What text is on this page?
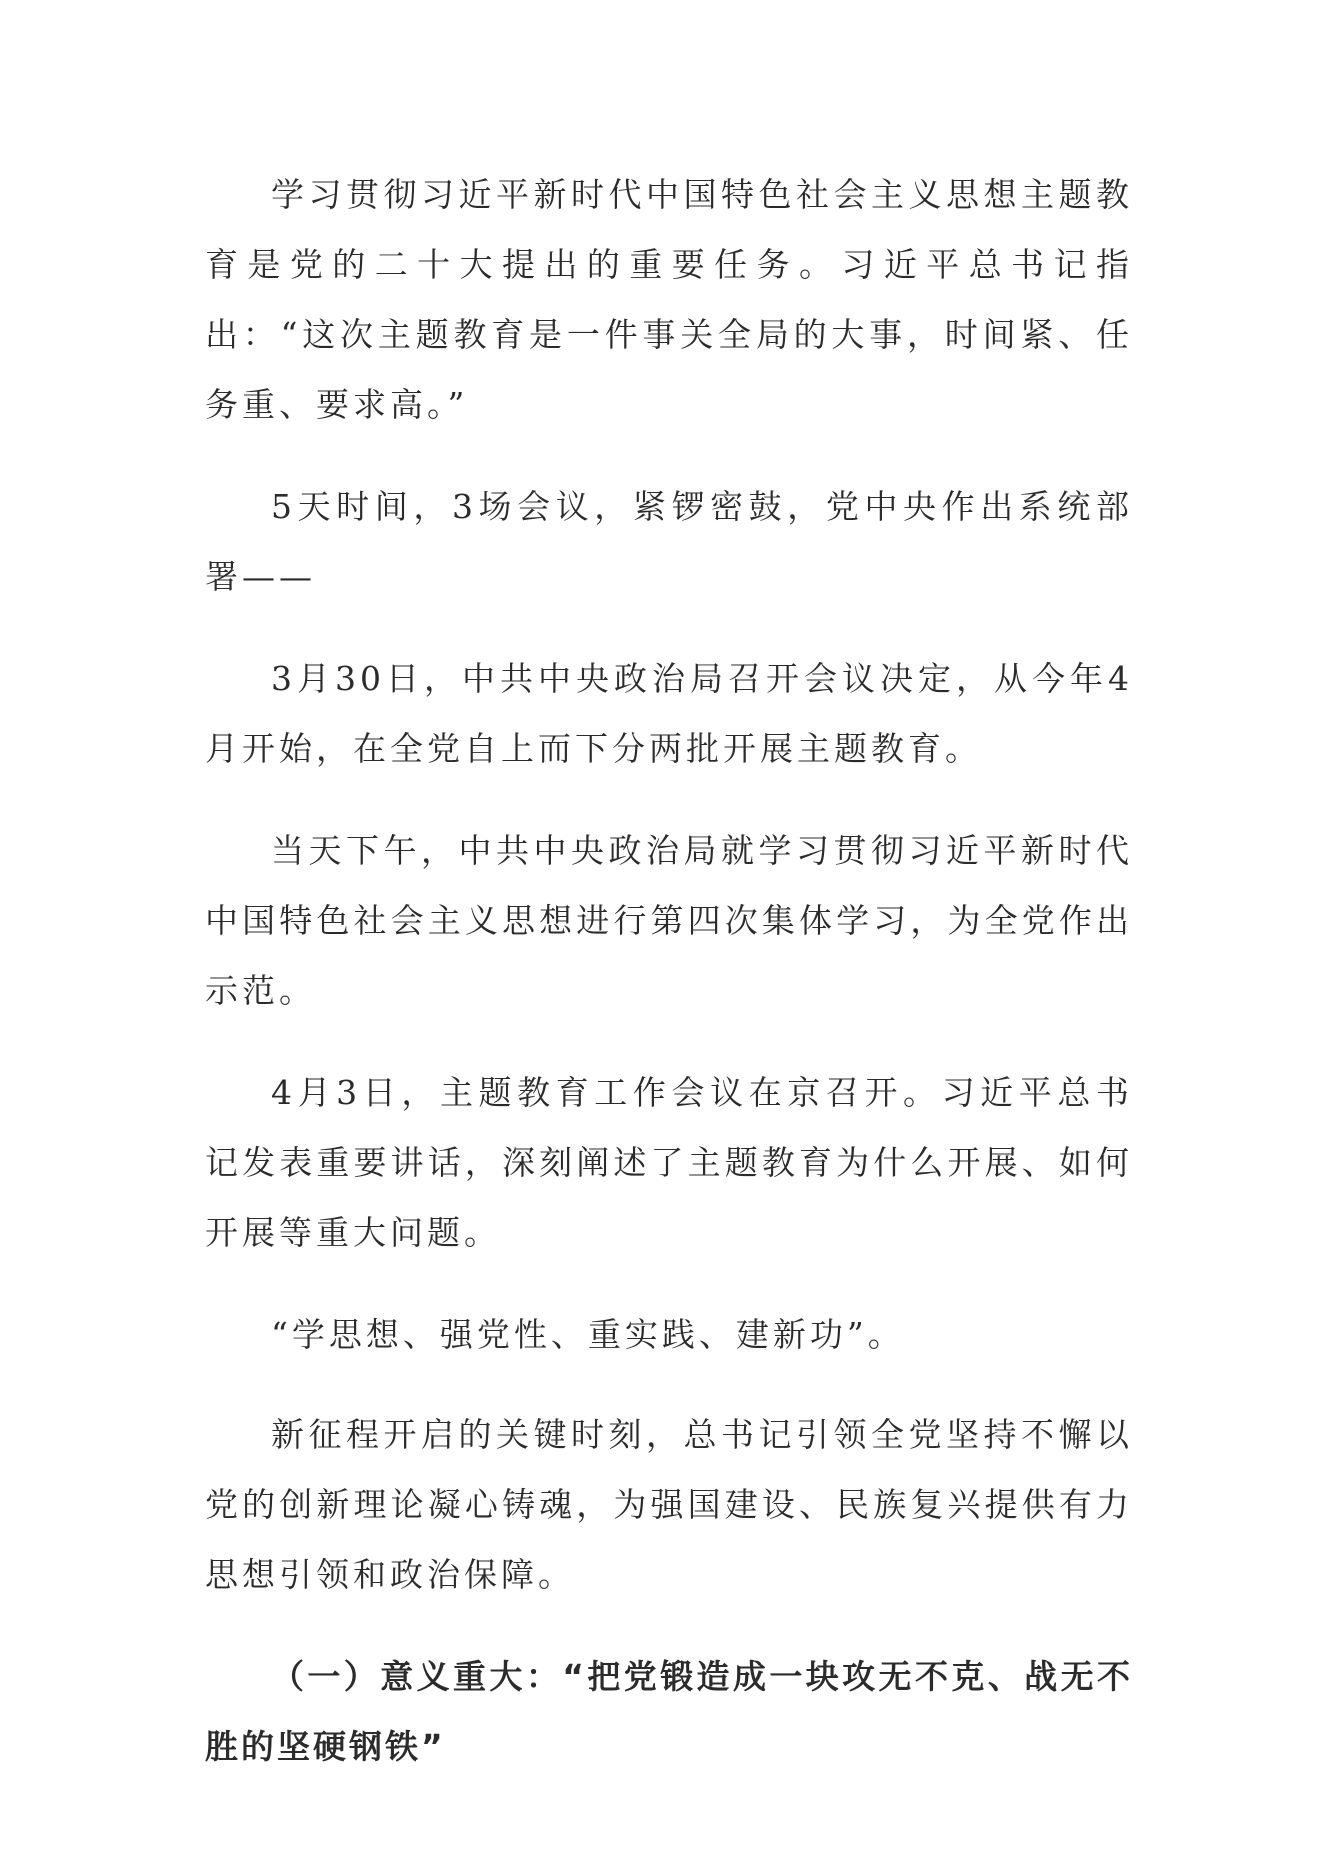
学习贯彻习近平新时代中国特色社会主义思想主题教育是党的二十大提出的重要任务。习近平总书记指出：“这次主题教育是一件事关全局的大事，时间紧、任务重、要求高。”

5天时间，3场会议，紧锣密鼓，党中央作出系统部署——

3月30日，中共中央政治局召开会议决定，从今年4月开始，在全党自上而下分两批开展主题教育。

当天下午，中共中央政治局就学习贯彻习近平新时代中国特色社会主义思想进行第四次集体学习，为全党作出示范。

4月3日，主题教育工作会议在京召开。习近平总书记发表重要讲话，深刻阐述了主题教育为什么开展、如何开展等重大问题。

“学思想、强党性、重实践、建新功”。

新征程开启的关键时刻，总书记引领全党坚持不懈以党的创新理论凝心铸魂，为强国建设、民族复兴提供有力思想引领和政治保障。

（一）意义重大：“把党锻造成一块攻无不克、战无不胜的坚硬钢铁”
